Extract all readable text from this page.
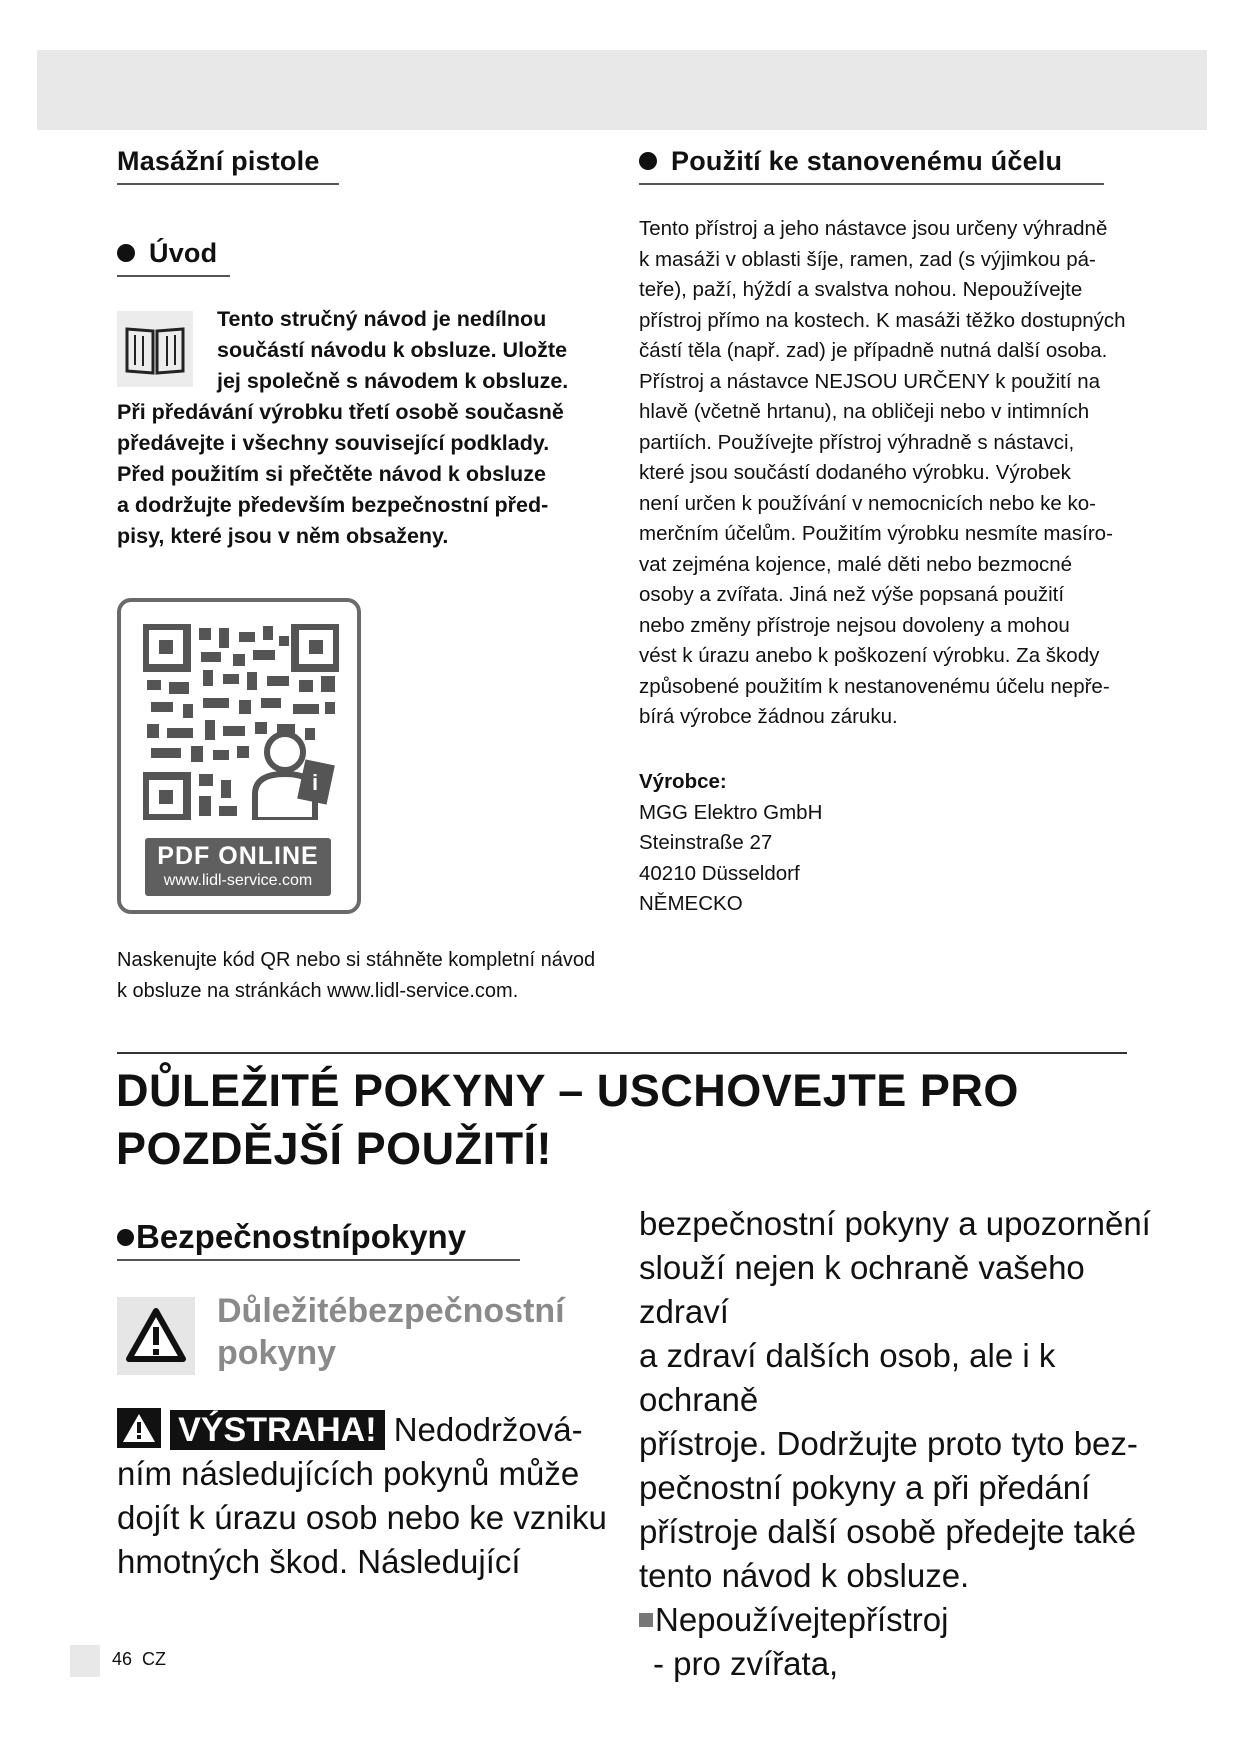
Masážní pistole
Úvod
Tento stručný návod je nedílnou
součástí návodu k obsluze. Uložte
jej společně s návodem k obsluze.
Při předávání výrobku třetí osobě současně
předávejte i všechny související podklady.
Před použitím si přečtěte návod k obsluze
a dodržujte především bezpečnostní před-
pisy, které jsou v něm obsaženy.
i
PDF ONLINE
www.lidl-service.com
Naskenujte kód QR nebo si stáhněte kompletní návod
k obsluze na stránkách www.lidl-service.com.
Použití ke stanovenému účelu
Tento přístroj a jeho nástavce jsou určeny výhradně
k masáži v oblasti šíje, ramen, zad (s výjimkou pá-
teře), paží, hýždí a svalstva nohou. Nepoužívejte
přístroj přímo na kostech. K masáži těžko dostupných
částí těla (např. zad) je případně nutná další osoba.
Přístroj a nástavce NEJSOU URČENY k použití na
hlavě (včetně hrtanu), na obličeji nebo v intimních
partiích. Používejte přístroj výhradně s nástavci,
které jsou součástí dodaného výrobku. Výrobek
není určen k používání v nemocnicích nebo ke ko-
merčním účelům. Použitím výrobku nesmíte masíro-
vat zejména kojence, malé děti nebo bezmocné
osoby a zvířata. Jiná než výše popsaná použití
nebo změny přístroje nejsou dovoleny a mohou
vést k úrazu anebo k poškození výrobku. Za škody
způsobené použitím k nestanovenému účelu nepře-
bírá výrobce žádnou záruku.
Výrobce:
MGG Elektro GmbH
Steinstraße 27
40210 Düsseldorf
NĚMECKO
DŮLEŽITÉ POKYNY – USCHOVEJTE PRO
POZDĚJŠÍ POUŽITÍ!
Bezpečnostnípokyny
Důležitébezpečnostní
pokyny
VÝSTRAHA! Nedodržová-
ním následujících pokynů může
dojít k úrazu osob nebo ke vzniku
hmotných škod. Následující
bezpečnostní pokyny a upozornění
slouží nejen k ochraně vašeho zdraví
a zdraví dalších osob, ale i k ochraně
přístroje. Dodržujte proto tyto bez-
pečnostní pokyny a při předání
přístroje další osobě předejte také
tento návod k obsluze.
Nepoužívejtepřístroj
- pro zvířata,
46 CZ
